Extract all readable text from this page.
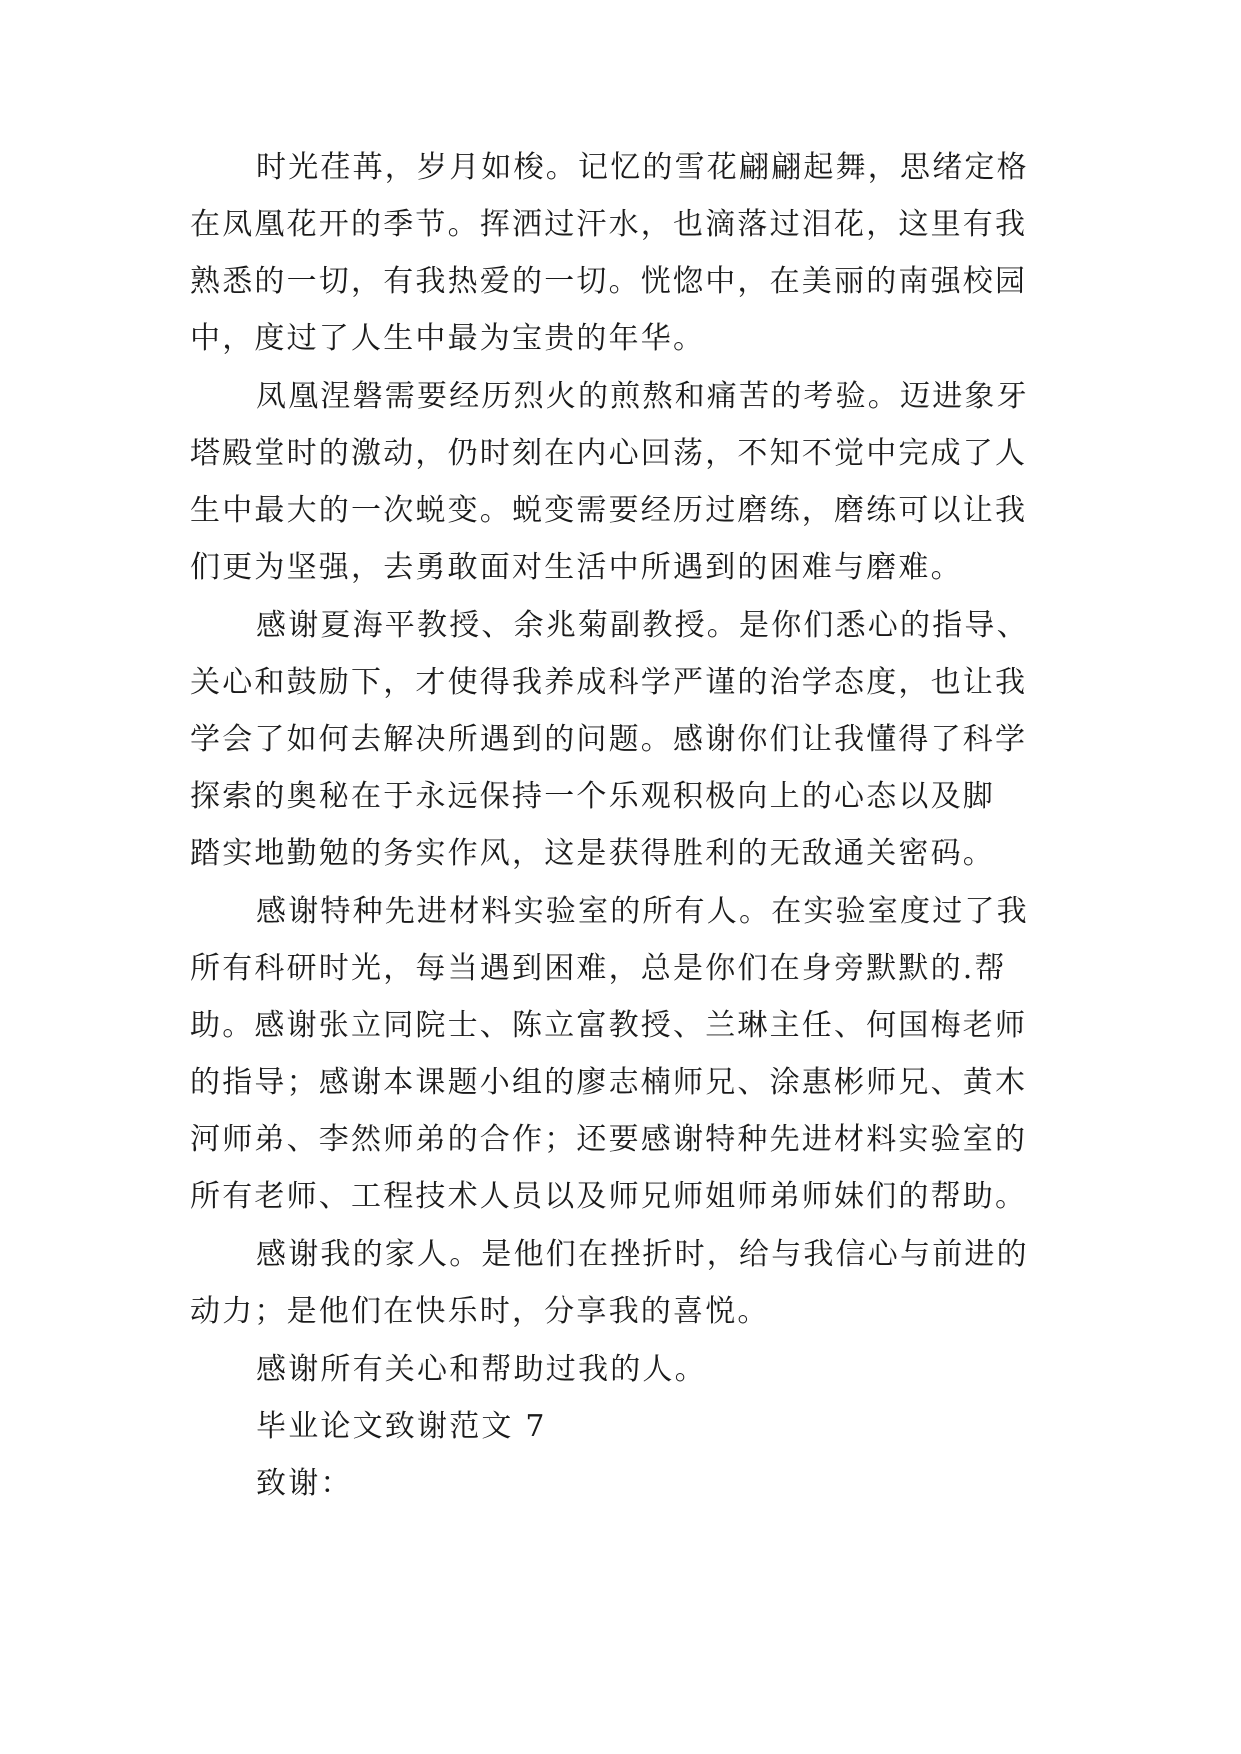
时光荏苒，岁月如梭。记忆的雪花翩翩起舞，思绪定格
在凤凰花开的季节。挥洒过汗水，也滴落过泪花，这里有我
熟悉的一切，有我热爱的一切。恍惚中，在美丽的南强校园
中，度过了人生中最为宝贵的年华。
凤凰涅磐需要经历烈火的煎熬和痛苦的考验。迈进象牙
塔殿堂时的激动，仍时刻在内心回荡，不知不觉中完成了人
生中最大的一次蜕变。蜕变需要经历过磨练，磨练可以让我
们更为坚强，去勇敢面对生活中所遇到的困难与磨难。
感谢夏海平教授、余兆菊副教授。是你们悉心的指导、
关心和鼓励下，才使得我养成科学严谨的治学态度，也让我
学会了如何去解决所遇到的问题。感谢你们让我懂得了科学
探索的奥秘在于永远保持一个乐观积极向上的心态以及脚
踏实地勤勉的务实作风，这是获得胜利的无敌通关密码。
感谢特种先进材料实验室的所有人。在实验室度过了我
所有科研时光，每当遇到困难，总是你们在身旁默默的.帮
助。感谢张立同院士、陈立富教授、兰琳主任、何国梅老师
的指导；感谢本课题小组的廖志楠师兄、涂惠彬师兄、黄木
河师弟、李然师弟的合作；还要感谢特种先进材料实验室的
所有老师、工程技术人员以及师兄师姐师弟师妹们的帮助。
感谢我的家人。是他们在挫折时，给与我信心与前进的
动力；是他们在快乐时，分享我的喜悦。
感谢所有关心和帮助过我的人。
毕业论文致谢范文 7
致谢：
